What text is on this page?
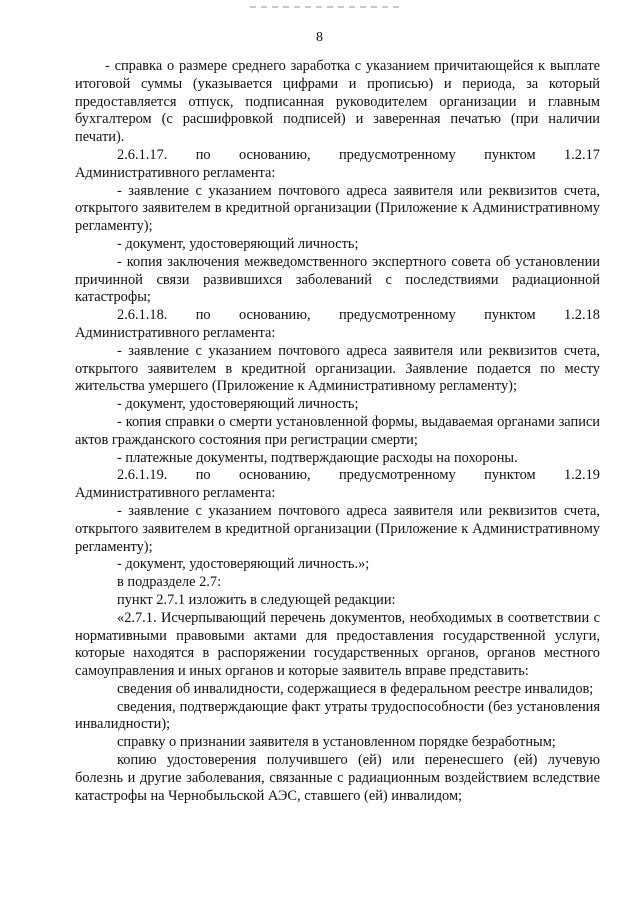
8

- справка о размере среднего заработка с указанием причитающейся к выплате итоговой суммы (указывается цифрами и прописью) и периода, за который предоставляется отпуск, подписанная руководителем организации и главным бухгалтером (с расшифровкой подписей) и заверенная печатью (при наличии печати).

2.6.1.17. по основанию, предусмотренному пунктом 1.2.17

Административного регламента:

- заявление с указанием почтового адреса заявителя или реквизитов счета, открытого заявителем в кредитной организации (Приложение к Административному регламенту);

- документ, удостоверяющий личность;

- копия заключения межведомственного экспертного совета об установлении причинной связи развившихся заболеваний с последствиями радиационной катастрофы;

2.6.1.18. по основанию, предусмотренному пунктом 1.2.18

Административного регламента:

- заявление с указанием почтового адреса заявителя или реквизитов счета, открытого заявителем в кредитной организации. Заявление подается по месту жительства умершего (Приложение к Административному регламенту);

- документ, удостоверяющий личность;

- копия справки о смерти установленной формы, выдаваемая органами записи актов гражданского состояния при регистрации смерти;

- платежные документы, подтверждающие расходы на похороны.

2.6.1.19. по основанию, предусмотренному пунктом 1.2.19

Административного регламента:

- заявление с указанием почтового адреса заявителя или реквизитов счета, открытого заявителем в кредитной организации (Приложение к Административному регламенту);

- документ, удостоверяющий личность.»;

в подразделе 2.7:

пункт 2.7.1 изложить в следующей редакции:

«2.7.1. Исчерпывающий перечень документов, необходимых в соответствии с нормативными правовыми актами для предоставления государственной услуги, которые находятся в распоряжении государственных органов, органов местного самоуправления и иных органов и которые заявитель вправе представить:

сведения об инвалидности, содержащиеся в федеральном реестре инвалидов;

сведения, подтверждающие факт утраты трудоспособности (без установления инвалидности);

справку о признании заявителя в установленном порядке безработным;

копию удостоверения получившего (ей) или перенесшего (ей) лучевую болезнь и другие заболевания, связанные с радиационным воздействием вследствие катастрофы на Чернобыльской АЭС, ставшего (ей) инвалидом;
